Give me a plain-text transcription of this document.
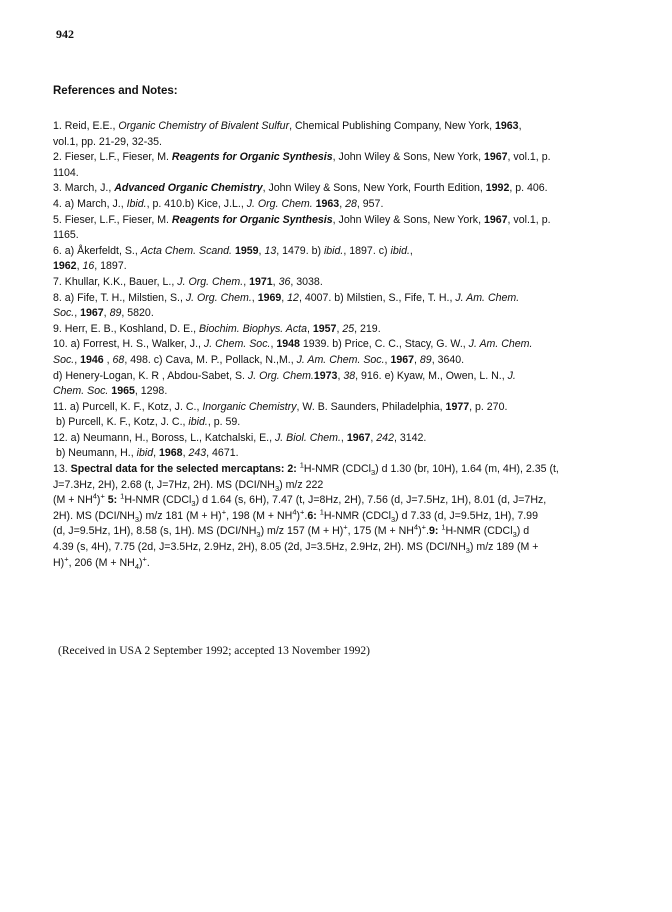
942
References and Notes:
1. Reid, E.E., Organic Chemistry of Bivalent Sulfur, Chemical Publishing Company, New York, 1963,
vol.1, pp. 21-29, 32-35.
2. Fieser, L.F., Fieser, M. Reagents for Organic Synthesis, John Wiley & Sons, New York, 1967, vol.1, p.
1104.
3. March, J., Advanced Organic Chemistry, John Wiley & Sons, New York, Fourth Edition, 1992, p. 406.
4. a) March, J., Ibid., p. 410.b) Kice, J.L., J. Org. Chem. 1963, 28, 957.
5. Fieser, L.F., Fieser, M. Reagents for Organic Synthesis, John Wiley & Sons, New York, 1967, vol.1, p.
1165.
6. a) Åkerfeldt, S., Acta Chem. Scand. 1959, 13, 1479. b) ibid., 1897. c) ibid.,
1962, 16, 1897.
7. Khullar, K.K., Bauer, L., J. Org. Chem., 1971, 36, 3038.
8. a) Fife, T. H., Milstien, S., J. Org. Chem., 1969, 12, 4007. b) Milstien, S., Fife, T. H., J. Am. Chem.
Soc., 1967, 89, 5820.
9. Herr, E. B., Koshland, D. E., Biochim. Biophys. Acta, 1957, 25, 219.
10. a) Forrest, H. S., Walker, J., J. Chem. Soc., 1948 1939. b) Price, C. C., Stacy, G. W., J. Am. Chem.
Soc., 1946 , 68, 498. c) Cava, M. P., Pollack, N.,M., J. Am. Chem. Soc., 1967, 89, 3640.
d) Henery-Logan, K. R , Abdou-Sabet, S. J. Org. Chem.1973, 38, 916. e) Kyaw, M., Owen, L. N., J.
Chem. Soc. 1965, 1298.
11. a) Purcell, K. F., Kotz, J. C., Inorganic Chemistry, W. B. Saunders, Philadelphia, 1977, p. 270.
b) Purcell, K. F., Kotz, J. C., ibid., p. 59.
12. a) Neumann, H., Boross, L., Katchalski, E., J. Biol. Chem., 1967, 242, 3142.
b) Neumann, H., ibid, 1968, 243, 4671.
13. Spectral data for the selected mercaptans: 2: $^1$H-NMR (CDCl$_3$) d 1.30 (br, 10H), 1.64 (m, 4H), 2.35 (t,
J=7.3Hz, 2H), 2.68 (t, J=7Hz, 2H). MS $(DCI/NH_3)$ m/z 222
$(M + NH^4)^+$ 5: $^1$H-NMR (CDCl$_3$) d 1.64 (s, 6H), 7.47 (t, J=8Hz, 2H), 7.56 (d, J=7.5Hz, 1H), 8.01 (d, J=7Hz,
2H). MS $(DCI/NH_3)$ m/z 181 (M + H)+, 198 $(M + NH^4)^+.6$: $^1$H-NMR (CDCl$_3$) d 7.33 (d, J=9.5Hz, 1H), 7.99
(d, J=9.5Hz, 1H), 8.58 (s, 1H). MS $(DCI/NH_3)$ m/z 157 (M + H)+, 175 $(M + NH^4)^+.9$: $^1$H-NMR (CDCl$_3$) d
4.39 (s, 4H), 7.75 (2d, J=3.5Hz, 2.9Hz, 2H), 8.05 (2d, J=3.5Hz, 2.9Hz, 2H). MS $(DCI/NH_3)$ m/z 189 (M +
H)+, 206 $(M + NH_4)^+$.
(Received in USA 2 September 1992; accepted 13 November 1992)
